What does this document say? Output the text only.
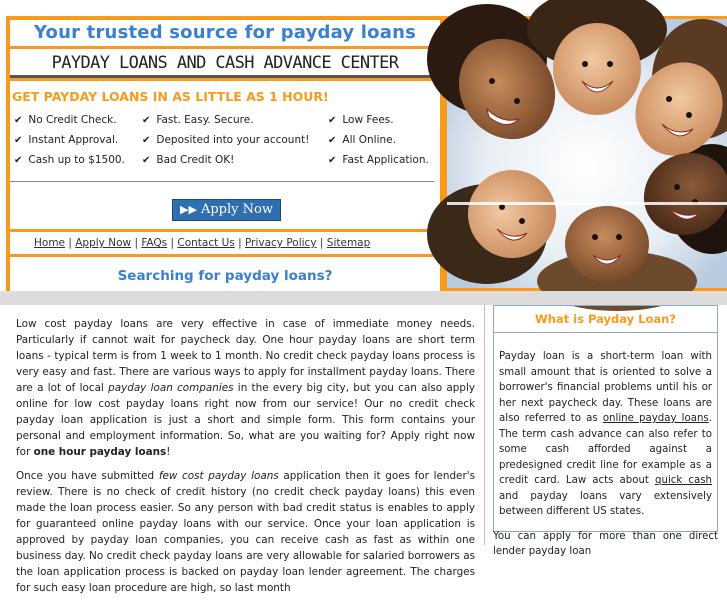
Your trusted source for payday loans
PAYDAY LOANS AND CASH ADVANCE CENTER
GET PAYDAY LOANS IN AS LITTLE AS 1 HOUR!
✔ No Credit Check.	✔ Fast. Easy. Secure.	✔ Low Fees.
✔ Instant Approval. ✔ Deposited into your account! ✔ All Online.
✔ Cash up to $1500. ✔ Bad Credit OK!	✔ Fast Application.
▶▶ Apply Now
Home | Apply Now | FAQs | Contact Us | Privacy Policy | Sitemap
Searching for payday loans?

Low cost payday loans are very effective in case of immediate money needs. Particularly if cannot wait for paycheck day. One hour payday loans are short term loans - typical term is from 1 week to 1 month. No credit check payday loans process is very easy and fast. There are various ways to apply for installment payday loans. There are a lot of local payday loan companies in the every big city, but you can also apply online for low cost payday loans right now from our service! Our no credit check payday loan application is just a short and simple form. This form contains your personal and employment information. So, what are you waiting for? Apply right now for one hour payday loans!

Once you have submitted few cost payday loans application then it goes for lender's review. There is no check of credit history (no credit check payday loans) this even made the loan process easier. So any person with bad credit status is enables to apply for guaranteed online payday loans with our service. Once your loan application is approved by payday loan companies, you can receive cash as fast as within one business day. No credit check payday loans are very allowable for salaried borrowers as the loan application process is backed on payday loan lender agreement. The charges for such easy loan procedure are high, so last month

What is Payday Loan?
Payday loan is a short-term loan with small amount that is oriented to solve a borrower's financial problems until his or her next paycheck day. These loans are also referred to as online payday loans. The term cash advance can also refer to some cash afforded against a predesigned credit line for example as a credit card. Law acts about quick cash and payday loans vary extensively between different US states.
You can apply for more than one direct lender payday loan
